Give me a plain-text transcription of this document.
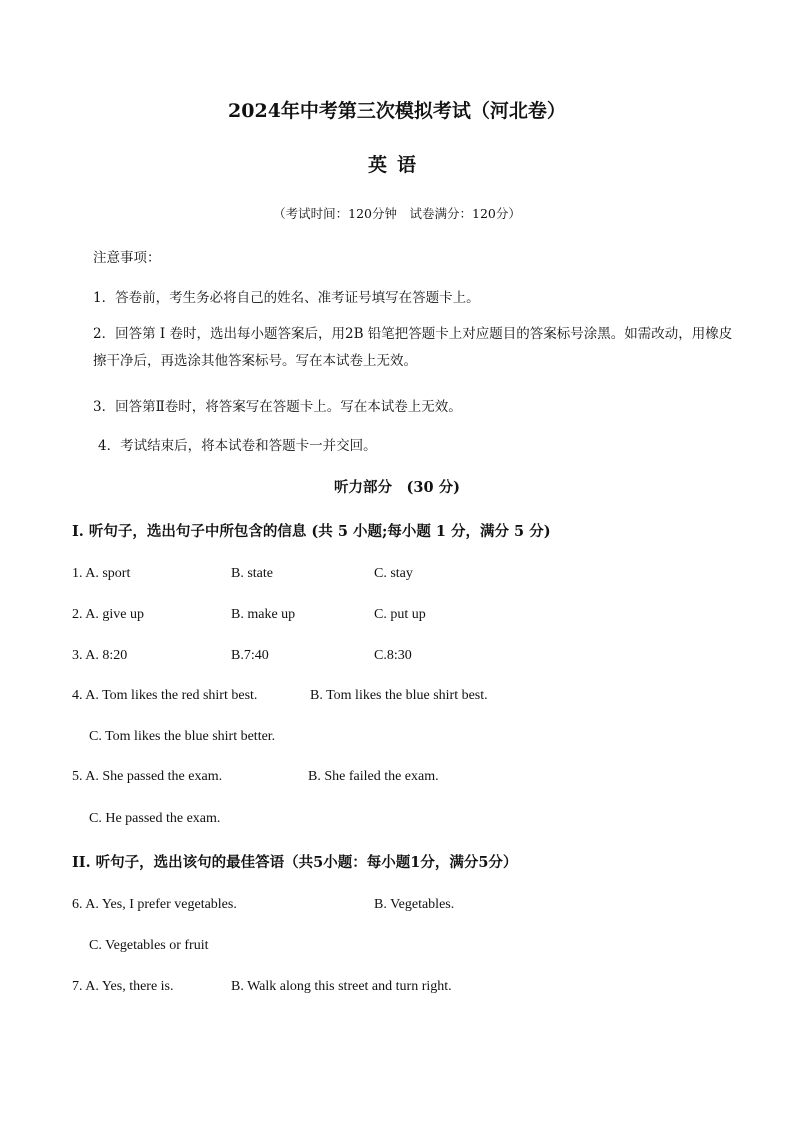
2024年中考第三次模拟考试（河北卷）
英语
（考试时间：120分钟　试卷满分：120分）
注意事项：
1．答卷前，考生务必将自己的姓名、准考证号填写在答题卡上。
2．回答第 I 卷时，选出每小题答案后，用2B 铅笔把答题卡上对应题目的答案标号涂黑。如需改动，用橡皮擦干净后，再选涂其他答案标号。写在本试卷上无效。
3．回答第Ⅱ卷时，将答案写在答题卡上。写在本试卷上无效。
4．考试结束后，将本试卷和答题卡一并交回。
听力部分　(30 分)
I. 听句子，选出句子中所包含的信息 (共 5 小题;每小题 1 分，满分 5 分)
1. A. sport	B. state	C. stay
2. A. give up	B. make up	C. put up
3. A. 8:20	B.7:40	C.8:30
4. A. Tom likes the red shirt best.	B. Tom likes the blue shirt best.
C. Tom likes the blue shirt better.
5. A. She passed the exam.	B. She failed the exam.
C. He passed the exam.
II. 听句子，选出该句的最佳答语（共5小题：每小题1分，满分5分）
6. A. Yes, I prefer vegetables.	B. Vegetables.
C. Vegetables or fruit
7. A. Yes, there is.	B. Walk along this street and turn right.
